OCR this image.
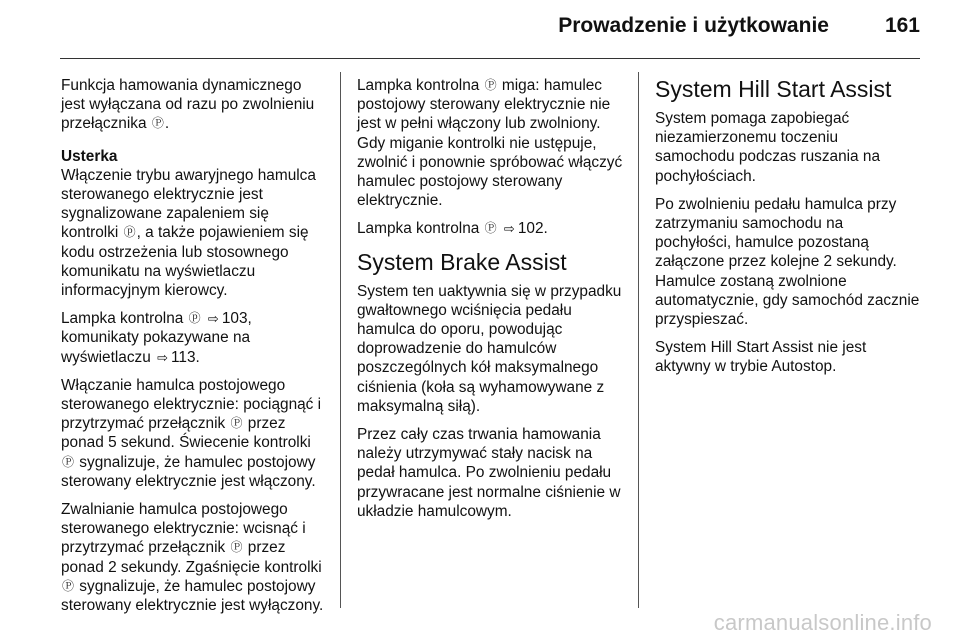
Prowadzenie i użytkowanie	161

Funkcja hamowania dynamicznego jest wyłączana od razu po zwolnieniu przełącznika Ⓟ.

Usterka

Włączenie trybu awaryjnego hamulca sterowanego elektrycznie jest sygnalizowane zapaleniem się kontrolki ⓟ, a także pojawieniem się kodu ostrzeżenia lub stosownego komunikatu na wyświetlaczu informacyjnym kierowcy.

Lampka kontrolna ⓟ ⇨ 103, komunikaty pokazywane na wyświetlaczu ⇨ 113.

Włączanie hamulca postojowego sterowanego elektrycznie: pociągnąć i przytrzymać przełącznik Ⓟ przez ponad 5 sekund. Świecenie kontrolki Ⓟ sygnalizuje, że hamulec postojowy sterowany elektrycznie jest włączony.

Zwalnianie hamulca postojowego sterowanego elektrycznie: wcisnąć i przytrzymać przełącznik Ⓟ przez ponad 2 sekundy. Zgaśnięcie kontrolki Ⓟ sygnalizuje, że hamulec postojowy sterowany elektrycznie jest wyłączony.

Lampka kontrolna Ⓟ miga: hamulec postojowy sterowany elektrycznie nie jest w pełni włączony lub zwolniony. Gdy miganie kontrolki nie ustępuje, zwolnić i ponownie spróbować włączyć hamulec postojowy sterowany elektrycznie.

Lampka kontrolna Ⓟ ⇨ 102.

System Brake Assist

System ten uaktywnia się w przypadku gwałtownego wciśnięcia pedału hamulca do oporu, powodując doprowadzenie do hamulców poszczególnych kół maksymalnego ciśnienia (koła są wyhamowywane z maksymalną siłą).

Przez cały czas trwania hamowania należy utrzymywać stały nacisk na pedał hamulca. Po zwolnieniu pedału przywracane jest normalne ciśnienie w układzie hamulcowym.

System Hill Start Assist

System pomaga zapobiegać niezamierzonemu toczeniu samochodu podczas ruszania na pochyłościach.

Po zwolnieniu pedału hamulca przy zatrzymaniu samochodu na pochyłości, hamulce pozostaną załączone przez kolejne 2 sekundy. Hamulce zostaną zwolnione automatycznie, gdy samochód zacznie przyspieszać.

System Hill Start Assist nie jest aktywny w trybie Autostop.

carmanualsonline.info
